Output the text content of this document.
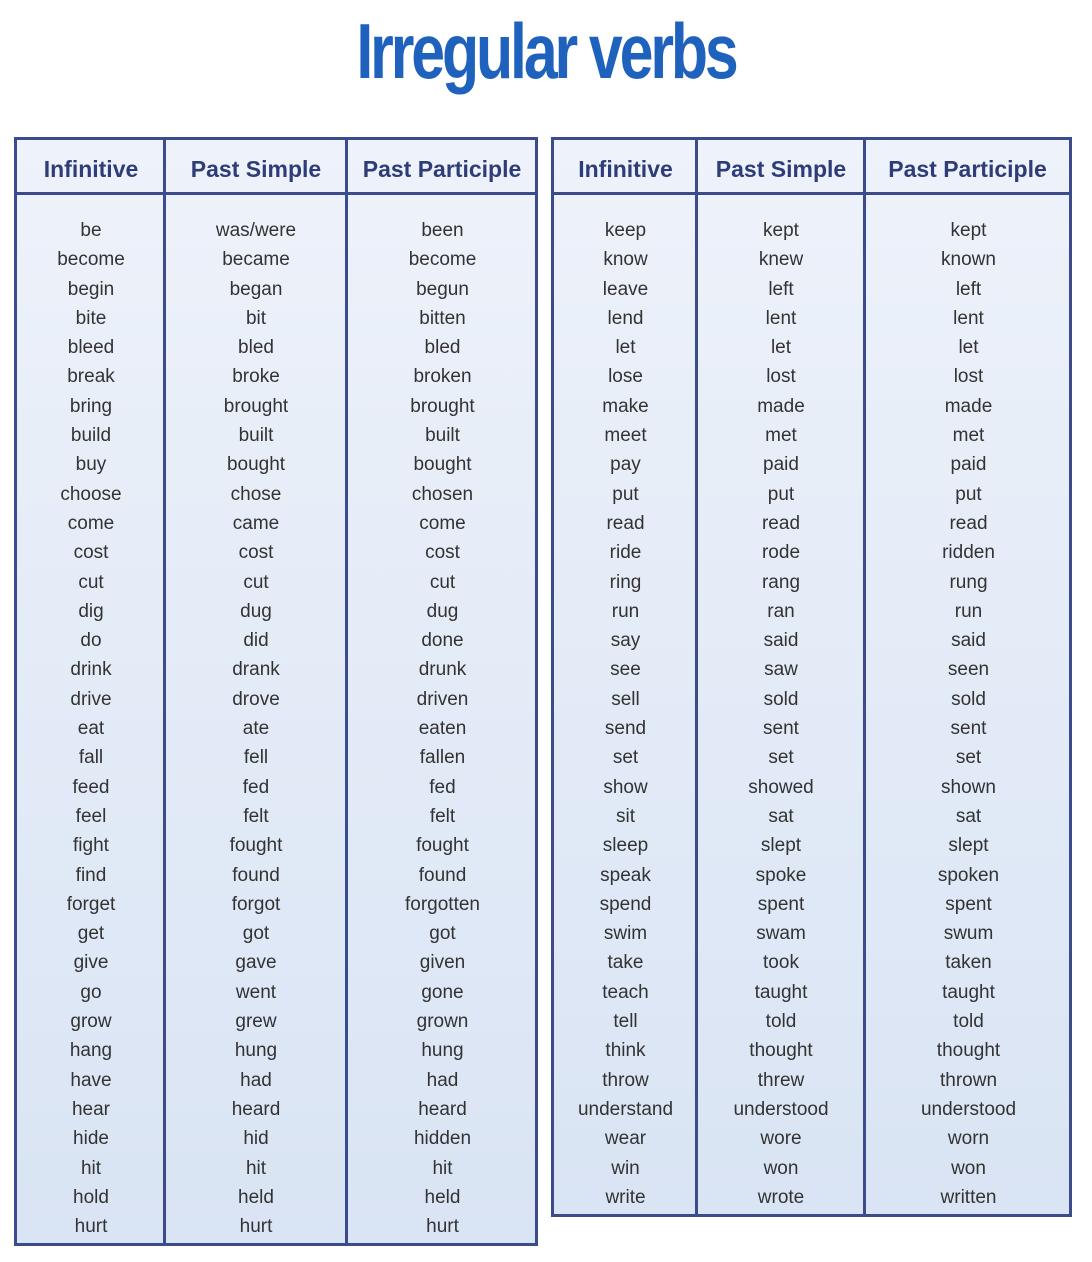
Irregular verbs
Infinitive	Past Simple	Past Participle
be	was/were	been
become	became	become
begin	began	begun
bite	bit	bitten
bleed	bled	bled
break	broke	broken
bring	brought	brought
build	built	built
buy	bought	bought
choose	chose	chosen
come	came	come
cost	cost	cost
cut	cut	cut
dig	dug	dug
do	did	done
drink	drank	drunk
drive	drove	driven
eat	ate	eaten
fall	fell	fallen
feed	fed	fed
feel	felt	felt
fight	fought	fought
find	found	found
forget	forgot	forgotten
get	got	got
give	gave	given
go	went	gone
grow	grew	grown
hang	hung	hung
have	had	had
hear	heard	heard
hide	hid	hidden
hit	hit	hit
hold	held	held
hurt	hurt	hurt
Infinitive	Past Simple	Past Participle
keep	kept	kept
know	knew	known
leave	left	left
lend	lent	lent
let	let	let
lose	lost	lost
make	made	made
meet	met	met
pay	paid	paid
put	put	put
read	read	read
ride	rode	ridden
ring	rang	rung
run	ran	run
say	said	said
see	saw	seen
sell	sold	sold
send	sent	sent
set	set	set
show	showed	shown
sit	sat	sat
sleep	slept	slept
speak	spoke	spoken
spend	spent	spent
swim	swam	swum
take	took	taken
teach	taught	taught
tell	told	told
think	thought	thought
throw	threw	thrown
understand	understood	understood
wear	wore	worn
win	won	won
write	wrote	written
